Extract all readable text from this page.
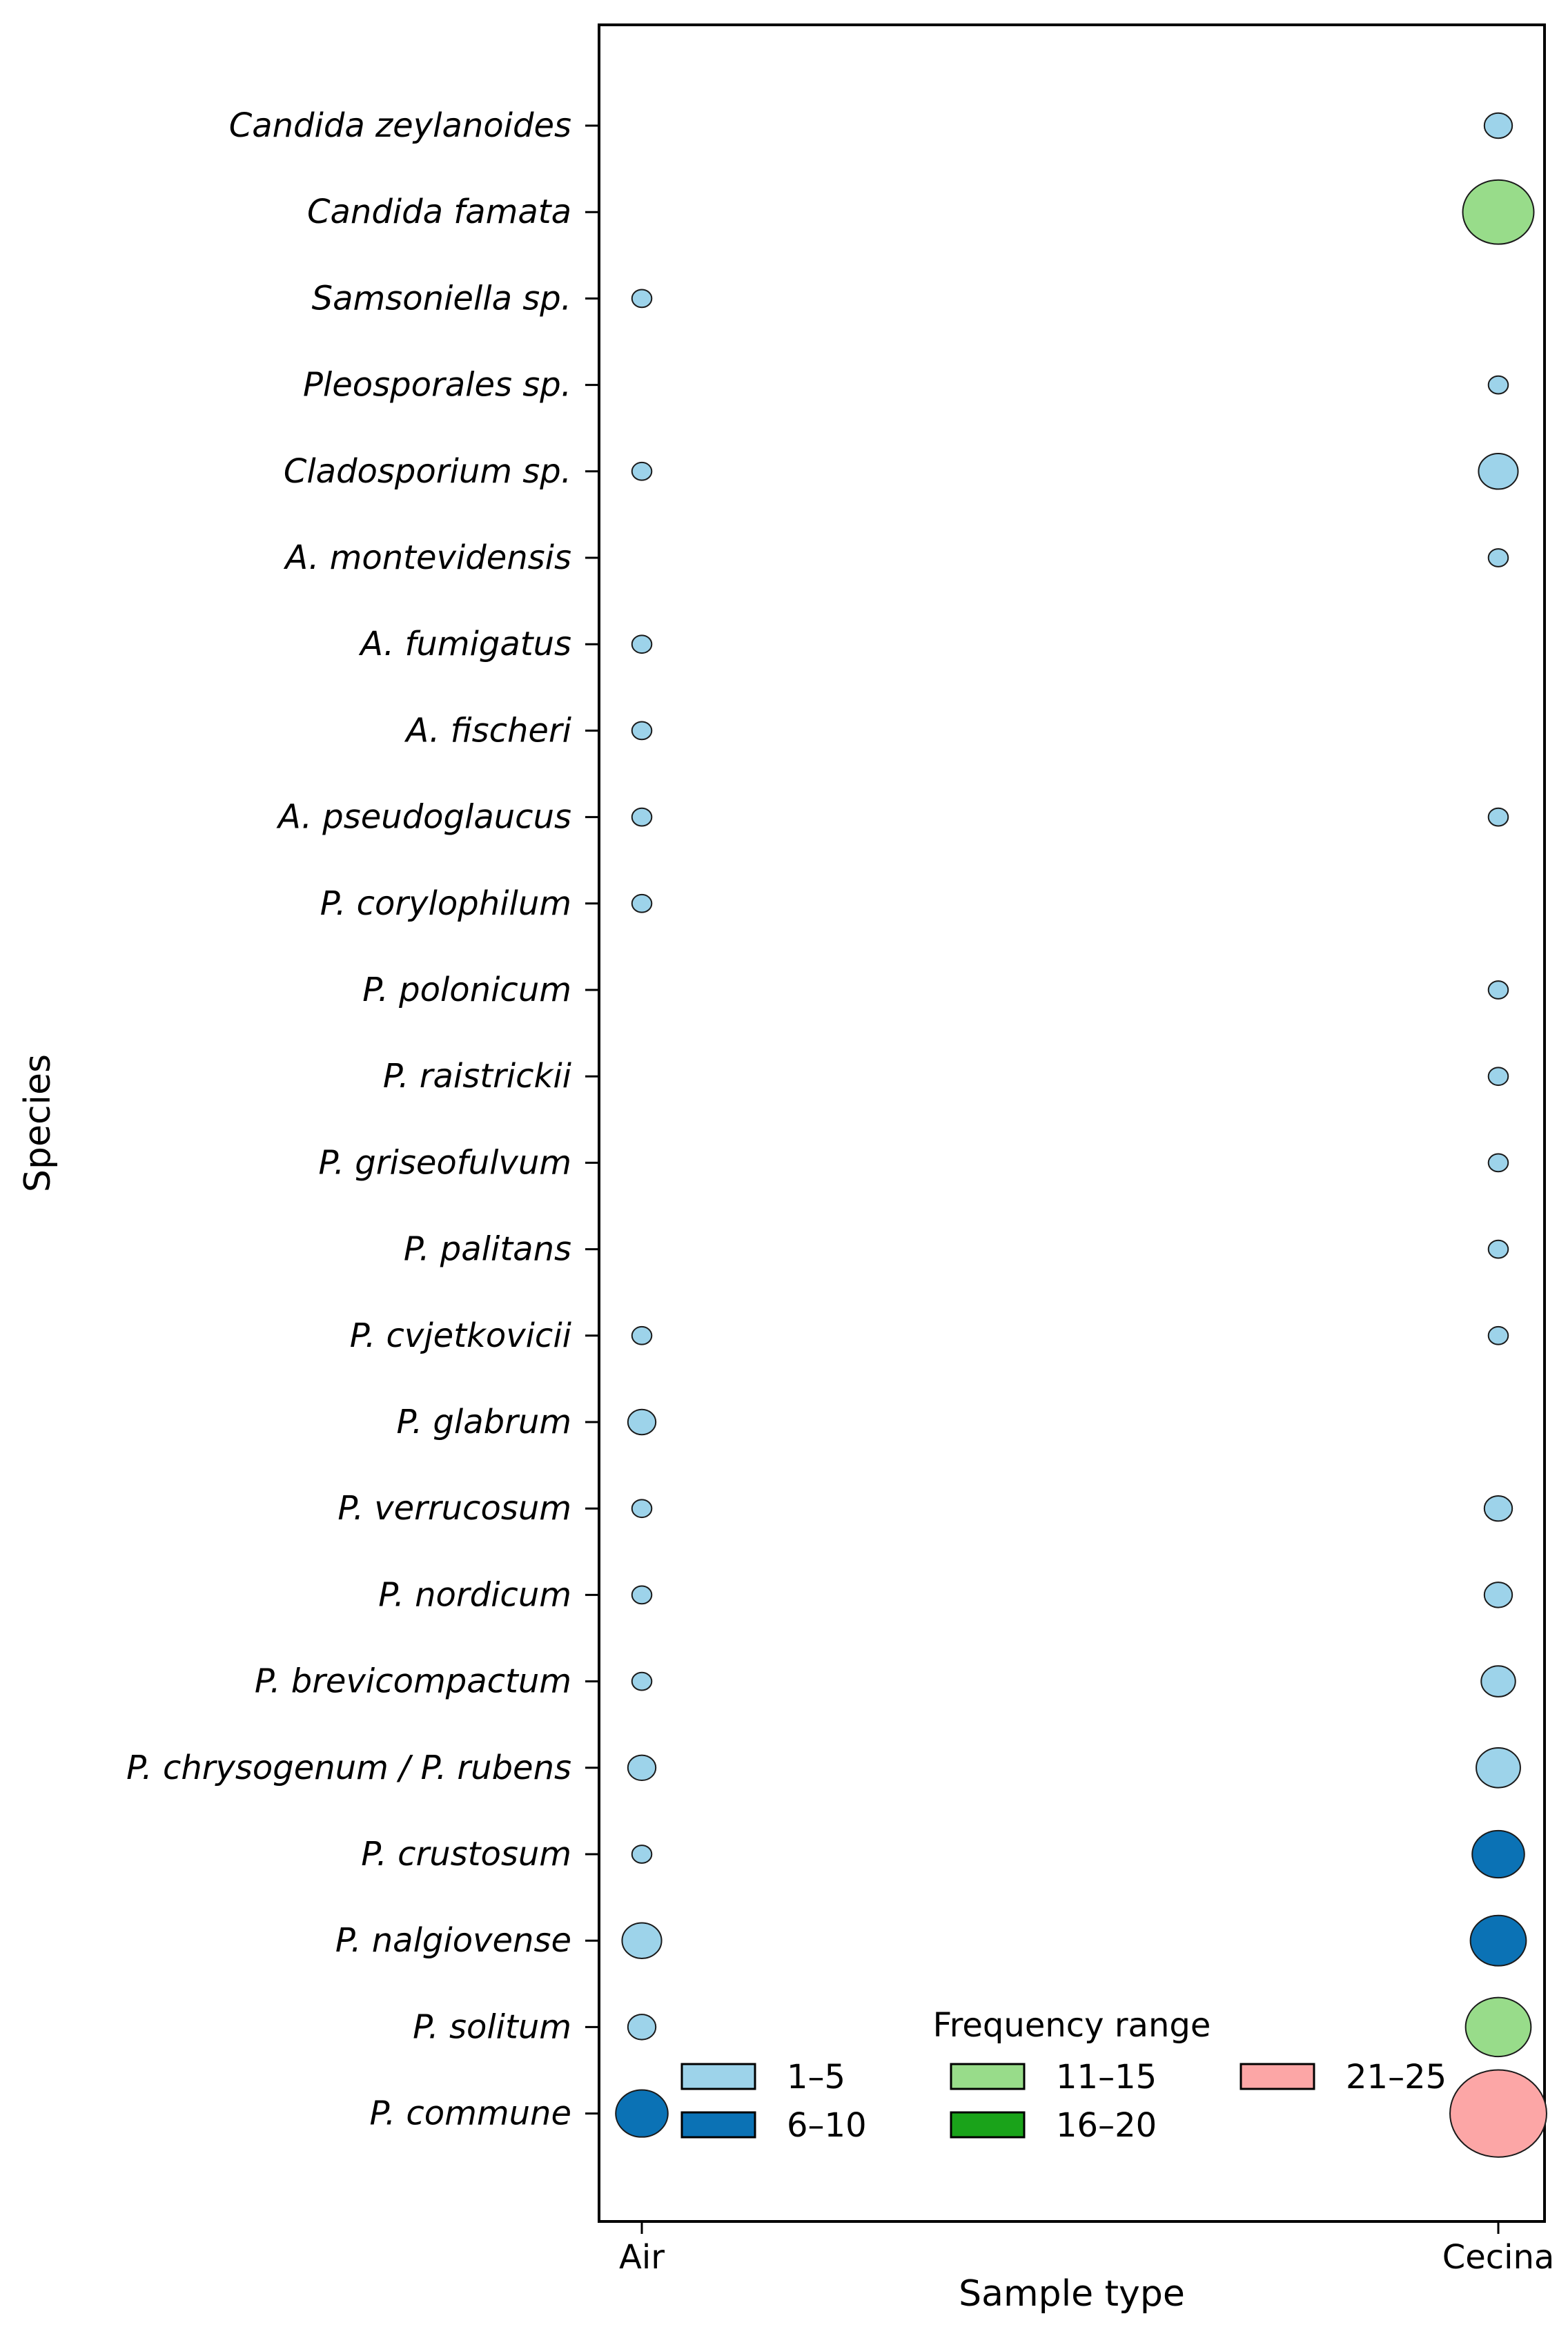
Candida zeylanoides
Candida famata
Samsoniella sp.
Pleosporales sp.
Cladosporium sp.
A. montevidensis
A. fumigatus
A. fischeri
A. pseudoglaucus
P. corylophilum
P. polonicum
P. raistrickii
P. griseofulvum
P. palitans
P. cvjetkovicii
P. glabrum
P. verrucosum
P. nordicum
P. brevicompactum
P. chrysogenum / P. rubens
P. crustosum
P. nalgiovense
P. solitum
P. commune
Air	Cecina
Sample type
Species
Frequency range
1–5
6–10
11–15
16–20
21–25
